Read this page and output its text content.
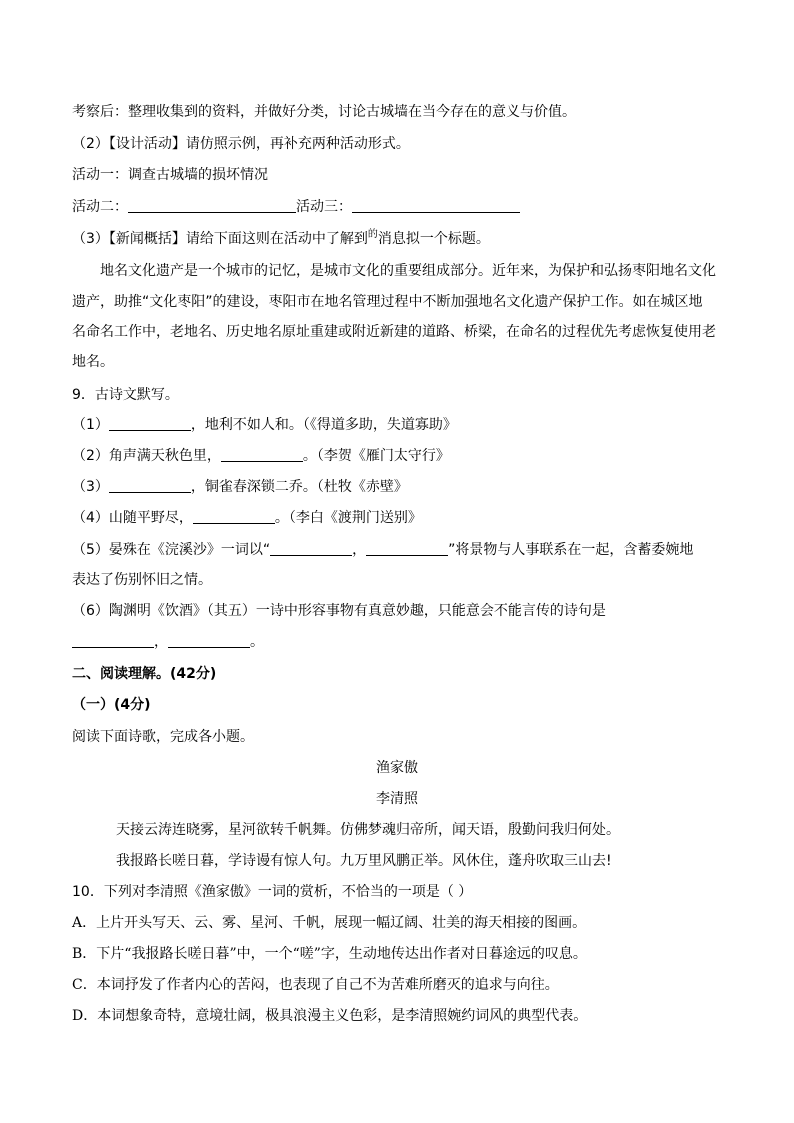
考察后：整理收集到的资料，并做好分类，讨论古城墙在当今存在的意义与价值。
（2）【设计活动】请仿照示例，再补充两种活动形式。
活动一：调查古城墙的损坏情况
活动二：	活动三：
（3）【新闻概括】请给下面这则在活动中了解到$^的$消息拟一个标题。
地名文化遗产是一个城市的记忆，是城市文化的重要组成部分。近年来，为保护和弘扬枣阳地名文化
遗产，助推“文化枣阳”的建设，枣阳市在地名管理过程中不断加强地名文化遗产保护工作。如在城区地
名命名工作中，老地名、历史地名原址重建或附近新建的道路、桥梁，在命名的过程优先考虑恢复使用老
地名。
9．古诗文默写。
（1）	，地利不如人和。（《得道多助，失道寡助》
（2）角声满天秋色里，	。（李贺《雁门太守行》
（3）	，铜雀春深锁二乔。（杜牧《赤壁》
（4）山随平野尽，	。（李白《渡荆门送别》
（5）晏殊在《浣溪沙》一词以“	，	”将景物与人事联系在一起，含蓄委婉地
表达了伤别怀旧之情。
（6）陶渊明《饮酒》（其五）一诗中形容事物有真意妙趣，只能意会不能言传的诗句是
，	。
二、阅读理解。(42分)
（一）(4分)
阅读下面诗歌，完成各小题。
渔家傲
李清照
天接云涛连晓雾，星河欲转千帆舞。仿佛梦魂归帝所，闻天语，殷勤问我归何处。
我报路长嗟日暮，学诗谩有惊人句。九万里风鹏正举。风休住，蓬舟吹取三山去!
10．下列对李清照《渔家傲》一词的赏析，不恰当的一项是（ ）
A．上片开头写天、云、雾、星河、千帆，展现一幅辽阔、壮美的海天相接的图画。
B．下片“我报路长嗟日暮”中，一个“嗟”字，生动地传达出作者对日暮途远的叹息。
C．本词抒发了作者内心的苦闷，也表现了自己不为苦难所磨灭的追求与向往。
D．本词想象奇特，意境壮阔，极具浪漫主义色彩，是李清照婉约词风的典型代表。
